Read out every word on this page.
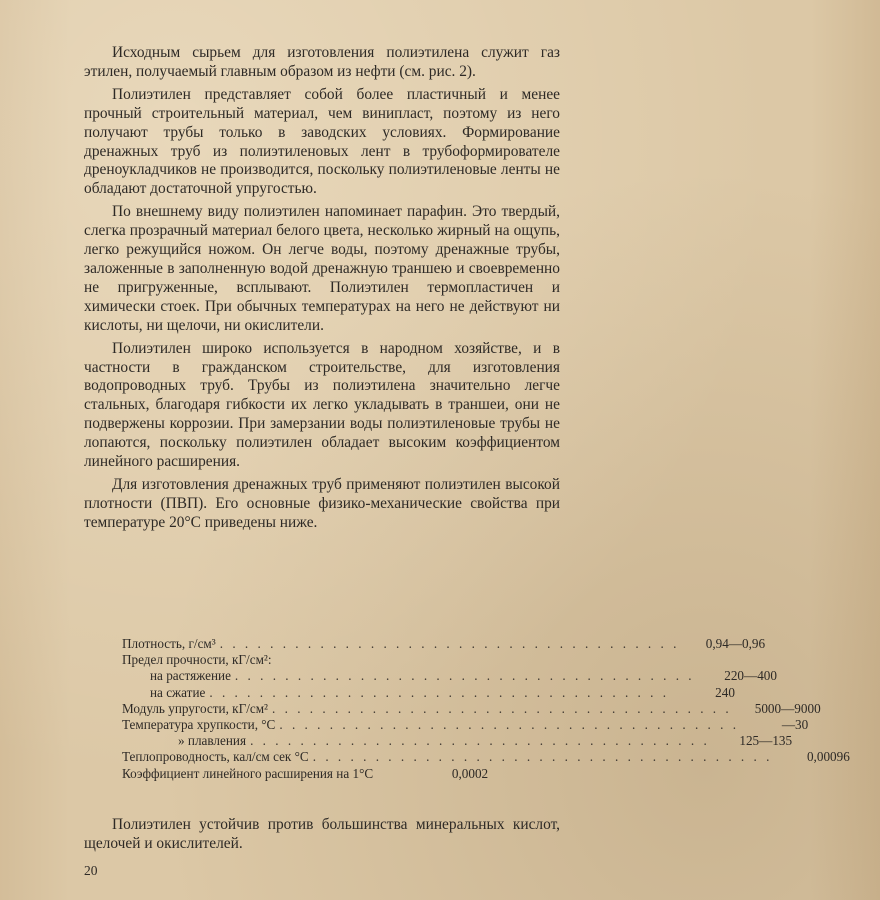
Исходным сырьем для изготовления полиэтилена служит газ этилен, получаемый главным образом из нефти (см. рис. 2).

Полиэтилен представляет собой более пластичный и менее прочный строительный материал, чем винипласт, поэтому из него получают трубы только в заводских условиях. Формирование дренажных труб из полиэтиленовых лент в трубоформирователе дреноукладчиков не производится, поскольку полиэтиленовые ленты не обладают достаточной упругостью.

По внешнему виду полиэтилен напоминает парафин. Это твердый, слегка прозрачный материал белого цвета, несколько жирный на ощупь, легко режущийся ножом. Он легче воды, поэтому дренажные трубы, заложенные в заполненную водой дренажную траншею и своевременно не пригруженные, всплывают. Полиэтилен термопластичен и химически стоек. При обычных температурах на него не действуют ни кислоты, ни щелочи, ни окислители.

Полиэтилен широко используется в народном хозяйстве, и в частности в гражданском строительстве, для изготовления водопроводных труб. Трубы из полиэтилена значительно легче стальных, благодаря гибкости их легко укладывать в траншеи, они не подвержены коррозии. При замерзании воды полиэтиленовые трубы не лопаются, поскольку полиэтилен обладает высоким коэффициентом линейного расширения.

Для изготовления дренажных труб применяют полиэтилен высокой плотности (ПВП). Его основные физико-механические свойства при температуре 20°С приведены ниже.

Плотность, г/см³ . . . . . . . . . . . . . . . . . . . . . . . . . . . . . . . . . . . . .	0,94—0,96
Предел прочности, кГ/см²:
на растяжение . . . . . . . . . . . . . . . . . . . . . . . . . . . . . . . . . . . . .	220—400
на сжатие . . . . . . . . . . . . . . . . . . . . . . . . . . . . . . . . . . . . .	240
Модуль упругости, кГ/см² . . . . . . . . . . . . . . . . . . . . . . . . . . . . . . . . . . . . .	5000—9000
Температура хрупкости, °С . . . . . . . . . . . . . . . . . . . . . . . . . . . . . . . . . . . . .	—30
» плавления . . . . . . . . . . . . . . . . . . . . . . . . . . . . . . . . . . . . .	125—135
Теплопроводность, кал/см сек °С . . . . . . . . . . . . . . . . . . . . . . . . . . . . . . . . . . . . .	0,00096
Коэффициент линейного расширения на 1°С	0,0002

Полиэтилен устойчив против большинства минеральных кислот, щелочей и окислителей.

20
